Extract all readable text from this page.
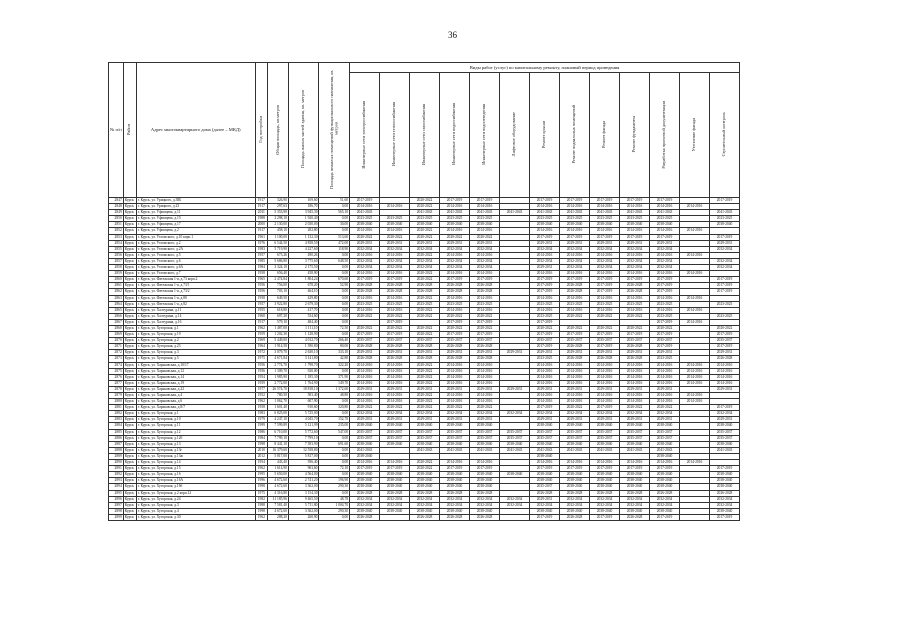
36
№ п/п	Район	Адрес многоквартирного дома (далее – МКД)	Год постройки	Общая площадь, кв.метров	Площадь жилых частей здания, кв. метров	Площадь нежилых помещений функционального назначения, кв. метров	Виды работ (услуг) по капитальному ремонту, плановый период проведения												
							Инженерные сети электроснабжения	Инженерные сети теплоснабжения	Инженерные сети газоснабжения	Инженерные сети водоснабжения	Инженерные сети водоотведения	Лифтовое оборудование	Ремонт крыши	Ремонт подвальных помещений	Ремонт фасада	Ремонт фундамента	Разработка проектной документации	Утепление фасада	Строительный контроль
2847	Курск	г. Курск, ул. Урицкого, д.38Б	1917	326,90	169,60	51,60	2017-2019		2020-2022	2017-2019	2017-2019		2017-2019	2017-2019	2017-2019	2017-2019	2017-2019		2017-2019
2848	Курск	г. Курск, ул. Урицкого, д.23	1917	297,63	186,70	0,00	2014-2016	2014-2016	2020-2022	2014-2016	2014-2016		2014-2016	2014-2016	2014-2016	2014-2016	2014-2016	2014-2016	
2849	Курск	г. Курск, ул. Уфимцева, д.11	2011	5 353,90	3 945,30	565,10	2041-2043		2041-2043	2041-2043	2041-2043	2041-2043	2041-2043	2041-2043	2041-2043	2041-2043	2041-2043		2041-2043
2850	Курск	г. Курск, ул. Уфимцева, д.15	1988	2 298,10	1 920,40	0,00	2023-2025	2023-2025	2023-2025	2023-2025	2023-2025		2023-2025	2023-2025	2023-2025	2023-2025	2023-2025		2023-2025
2851	Курск	г. Курск, ул. Уфимцева, д.17	2000	2 130,00	2 030,00	30,00	2038-2040	2038-2040	2038-2040	2038-2040	2038-2040		2038-2040	2038-2040	2038-2040	2038-2040	2038-2040		2038-2040
2852	Курск	г. Курск, ул. Уфимцева, д.2	1917	458,10	282,80	0,00	2014-2016	2014-2016	2020-2022	2014-2016	2014-2016		2014-2016	2014-2016	2014-2016	2014-2016	2014-2016	2014-2016	
2853	Курск	г. Курск, ул. Ухтомского, д.10 корп.1	1961	1 100,00	1 132,30	513,60	2020-2022	2020-2022	2020-2022	2020-2022	2020-2022		2017-2019	2017-2019	2017-2019	2017-2019	2017-2019		2017-2019
2854	Курск	г. Курск, ул. Ухтомского, д.2	1976	6 544,50	4 858,50	472,00	2029-2031	2029-2031	2029-2031	2029-2031	2029-2031		2029-2031	2029-2031	2029-2031	2029-2031	2029-2031		2029-2031
2855	Курск	г. Курск, ул. Ухтомского, д.2А	1983	5 719,90	4 227,60	118,90	2032-2034	2032-2034	2032-2034	2032-2034	2032-2034		2032-2034	2032-2034	2032-2034	2032-2034	2032-2034		2032-2034
2856	Курск	г. Курск, ул. Ухтомского, д.5	1957	673,26	490,26	0,00	2014-2016	2014-2016	2020-2022	2014-2016	2014-2016		2014-2016	2014-2016	2014-2016	2014-2016	2014-2016	2014-2016	
2857	Курск	г. Курск, ул. Ухтомского, д.6	1985	5 686,80	3 775,60	648,50	2032-2034	2032-2034	2032-2034	2032-2034	2032-2034		2032-2034	2032-2034	2032-2034	2032-2034	2032-2034		2032-2034
2858	Курск	г. Курск, ул. Ухтомского, д.6А	1984	3 324,10	2 175,50	0,00	2032-2034	2032-2034	2032-2034	2032-2034	2032-2034		2029-2031	2032-2034	2032-2034	2032-2034	2032-2034		2032-2034
2859	Курск	г. Курск, ул. Ухтомского, д.7	1958	656,40	458,90	0,00	2014-2016	2014-2016	2020-2022	2014-2016	2014-2016		2014-2016	2014-2016	2014-2016	2014-2016	2014-2016	2014-2016	
2860	Курск	г. Курск, ул. Фатежская 1-я, д.73 корп.2	1965	2 474,84	1 804,24	670,60	2017-2019	2017-2019	2020-2022	2017-2019	2017-2019		2017-2019	2017-2019	2017-2019	2017-2019	2017-2019		2017-2019
2861	Курск	г. Курск, ул. Фатежская 1-я, д.73/1	1956	756,00	678,20	52,90	2026-2028	2026-2028	2026-2028	2026-2028	2026-2028		2017-2019	2026-2028	2017-2019	2026-2028	2017-2019		2017-2019
2862	Курск	г. Курск, ул. Фатежская 1-я, д.73/2	1956	703,10	464,10	0,00	2026-2028	2026-2028	2026-2028	2026-2028	2026-2028		2017-2019	2026-2028	2017-2019	2026-2028	2017-2019		2017-2019
2863	Курск	г. Курск, ул. Фатежская 1-я, д.80	1958	649,50	429,80	0,00	2014-2016	2014-2016	2020-2022	2014-2016	2014-2016		2014-2016	2014-2016	2014-2016	2014-2016	2014-2016	2014-2016	
2864	Курск	г. Курск, ул. Фатежская 1-я, д.82	1957	3 922,80	2 679,30	0,00	2023-2025	2023-2025	2023-2025	2023-2025	2023-2025		2023-2025	2023-2025	2023-2025	2023-2025	2023-2025		2023-2025
2865	Курск	г. Курск, ул. Халтурина, д.11	1955	618,80	417,70	0,00	2014-2016	2014-2016	2020-2022	2014-2016	2014-2016		2014-2016	2014-2016	2014-2016	2014-2016	2014-2016	2014-2016	
2866	Курск	г. Курск, ул. Халтурина, д.14	1960	697,20	534,60	0,00	2020-2022	2020-2022	2020-2022	2020-2022	2020-2022		2023-2025	2020-2022	2020-2022	2020-2022	2023-2025		2023-2025
2867	Курск	г. Курск, ул. Халтурина, д.16	1917	579,10	484,40	0,00		2017-2019		2017-2019	2017-2019		2017-2019				2017-2019	2014-2016	
2868	Курск	г. Курск, ул. Хуторская, д.1	1962	1 487,00	1 111,10	72,50	2020-2022	2020-2022	2020-2022	2020-2022	2020-2022		2020-2022	2020-2022	2020-2022	2020-2022	2020-2022		2020-2022
2869	Курск	г. Курск, ул. Хуторская, д.19	1959	1 202,30	1 128,90	0,00	2017-2019	2017-2019	2020-2022	2017-2019	2017-2019		2017-2019	2017-2019	2017-2019	2017-2019	2017-2019		2017-2019
2870	Курск	г. Курск, ул. Хуторская, д.2	1969	5 449,00	4 012,70	266,40	2035-2037	2035-2037	2035-2037	2035-2037	2035-2037		2035-2037	2035-2037	2035-2037	2035-2037	2035-2037		2035-2037
2871	Курск	г. Курск, ул. Хуторская, д.23	1964	1 914,50	1 390,80	80,00	2026-2028	2026-2028	2026-2028	2026-2028	2026-2028		2017-2019	2026-2028	2017-2019	2026-2028	2017-2019		2017-2019
2872	Курск	г. Курск, ул. Хуторская, д.3	1972	3 079,70	2 630,10	333,10	2029-2031	2029-2031	2029-2031	2029-2031	2029-2031	2029-2031	2029-2031	2029-2031	2029-2031	2029-2031	2029-2031		2029-2031
2873	Курск	г. Курск, ул. Хуторская, д.5	1975	4 671,84	3 141,80	42,80	2026-2028	2026-2028	2026-2028	2026-2028	2026-2028		2023-2025	2026-2028	2026-2028	2026-2028	2023-2025		2026-2028
2874	Курск	г. Курск, ул. Харьковская, д.10/17	1956	2 774,70	1 798,70	322,20	2014-2016	2014-2016	2020-2022	2014-2016	2014-2016		2014-2016	2014-2016	2014-2016	2014-2016	2014-2016	2014-2016	2014-2016
2875	Курск	г. Курск, ул. Харьковская, д.12	1956	1 309,70	920,00	0,00	2014-2016	2014-2016	2020-2022	2014-2016	2014-2016		2014-2016	2014-2016	2014-2016	2014-2016	2014-2016	2014-2016	2014-2016
2876	Курск	г. Курск, ул. Харьковская, д.14	1954	1 985,90	1 185,30	371,90	2014-2016	2014-2016	2020-2022	2014-2016	2014-2016		2014-2016	2014-2016	2014-2016	2014-2016	2014-2016	2014-2016	2014-2016
2877	Курск	г. Курск, ул. Харьковская, д.19	1959	2 772,00	1 764,90	149,70	2014-2016	2014-2016	2020-2022	2014-2016	2014-2016		2014-2016	2014-2016	2014-2016	2014-2016	2014-2016	2014-2016	2014-2016
2878	Курск	г. Курск, ул. Харьковская, д.22	1977	26 574,70	18 818,10	1 372,60	2029-2031	2029-2031	2029-2031	2029-2031	2029-2031	2029-2031	2029-2031	2029-2031	2029-2031	2029-2031	2029-2031		2029-2031
2879	Курск	г. Курск, ул. Харьковская, д.4	1952	780,50	583,40	48,80	2014-2016	2014-2016	2020-2022	2014-2016	2014-2016		2014-2016	2014-2016	2014-2016	2014-2016	2014-2016	2014-2016	
2880	Курск	г. Курск, ул. Харьковская, д.6	1962	1 062,70	607,90	0,00	2014-2016	2014-2016	2020-2022	2014-2016	2014-2016		2014-2016	2014-2016	2014-2016	2014-2016	2014-2016	2014-2016	
2881	Курск	г. Курск, ул. Харьковская, д.8/7	1958	1 601,40	910,60	320,80	2020-2022	2020-2022	2020-2022	2020-2022	2020-2022		2017-2019	2020-2022	2017-2019	2020-2022	2020-2022		2017-2019
2882	Курск	г. Курск, ул. Хуторская, д.1	1983	6 825,00	5 725,00	0,00	2032-2034	2032-2034	2032-2034	2032-2034	2032-2034	2032-2034	2032-2034	2032-2034	2032-2034	2032-2034	2032-2034		2032-2034
2883	Курск	г. Курск, ул. Хуторская, д.10	1979	4 247,10	4 045,70	152,70	2029-2031	2029-2031	2029-2031	2029-2031	2029-2031		2029-2031	2029-2031	2029-2031	2029-2031	2029-2031		2029-2031
2884	Курск	г. Курск, ул. Хуторская, д.11	1999	7 599,89	5 121,99	235,00	2038-2040	2038-2040	2038-2040	2038-2040	2038-2040		2038-2040	2038-2040	2038-2040	2038-2040	2038-2040		2038-2040
2885	Курск	г. Курск, ул. Хуторская, д.12	1986	6 710,00	5 772,60	547,00	2035-2037	2035-2037	2035-2037	2035-2037	2035-2037	2035-2037	2035-2037	2035-2037	2035-2037	2035-2037	2035-2037		2035-2037
2886	Курск	г. Курск, ул. Хуторская, д.12б	1984	7 799,10	7 799,10	0,00	2035-2037	2035-2037	2035-2037	2035-2037	2035-2037	2035-2037	2035-2037	2035-2037	2035-2037	2035-2037	2035-2037		2035-2037
2887	Курск	г. Курск, ул. Хуторская, д.13	1998	8 441,10	7 393,90	691,60	2038-2040	2038-2040	2038-2040	2038-2040	2038-2040	2038-2040	2038-2040	2038-2040	2038-2040	2038-2040	2038-2040		2038-2040
2888	Курск	г. Курск, ул. Хуторская, д.13г	2010	16 379,60	12 558,80	0,00	2041-2043		2041-2043	2041-2043	2041-2043	2041-2043	2041-2043	2041-2043	2041-2043	2041-2043	2041-2043		2041-2043
2889	Курск	г. Курск, ул. Хуторская, д.13ж	2012	5 817,00	5 817,00	0,00	2038-2040						2038-2040				2038-2040		
2890	Курск	г. Курск, ул. Хуторская, д.14	1954	443,40	396,40	0,00	2014-2016	2014-2016	2020-2022	2014-2016	2014-2016		2014-2016	2014-2016	2014-2016	2014-2016	2014-2016	2014-2016	
2891	Курск	г. Курск, ул. Хуторская, д.15	1962	1 614,90	963,60	72,10	2017-2019	2017-2019	2020-2022	2017-2019	2017-2019		2017-2019	2017-2019	2017-2019	2017-2019	2017-2019		2017-2019
2892	Курск	г. Курск, ул. Хуторская, д.16	1995	5 650,00	4 564,00	0,00	2038-2040	2038-2040	2038-2040	2038-2040	2038-2040	2038-2040	2038-2040	2038-2040	2038-2040	2038-2040	2038-2040		2038-2040
2893	Курск	г. Курск, ул. Хуторская, д.16А	1996	4 672,60	2 741,20	196,90	2038-2040	2038-2040	2038-2040	2038-2040	2038-2040		2038-2040	2038-2040	2038-2040	2038-2040	2038-2040		2038-2040
2894	Курск	г. Курск, ул. Хуторская, д.16б	1998	4 672,60	3 362,00	290,30	2038-2040	2038-2040	2038-2040	2038-2040	2038-2040		2035-2037	2038-2040	2038-2040	2038-2040	2038-2040		2038-2040
2895	Курск	г. Курск, ул. Хуторская, д.2 корп.12	1975	4 316,80	3 154,30	0,00	2026-2028	2026-2028	2026-2028	2026-2028	2026-2028		2026-2028	2026-2028	2026-2028	2026-2028	2026-2028		2026-2028
2896	Курск	г. Курск, ул. Хуторская, д.24	1982	11 185,96	9 465,50	48,78	2032-2034	2032-2034	2032-2034	2032-2034	2032-2034	2032-2034	2029-2031	2032-2034	2032-2034	2032-2034	2032-2034		2032-2034
2897	Курск	г. Курск, ул. Хуторская, д.3	1988	7 581,40	5 711,80	1 004,70	2032-2034	2032-2034	2032-2034	2032-2034	2032-2034	2032-2034	2032-2034	2032-2034	2032-2034	2032-2034	2032-2034		2032-2034
2898	Курск	г. Курск, ул. Хуторская, д.4	1998	4 672,60	3 362,00	290,30	2038-2040	2038-2040	2038-2040	2038-2040	2038-2040		2038-2040	2038-2040	2038-2040	2038-2040	2038-2040		2038-2040
2899	Курск	г. Курск, ул. Хуторская, д.30	1962	288,20	260,90	0,00	2026-2028		2026-2028	2026-2028	2026-2028		2017-2019	2026-2028	2017-2019	2026-2028	2017-2019		2017-2019
